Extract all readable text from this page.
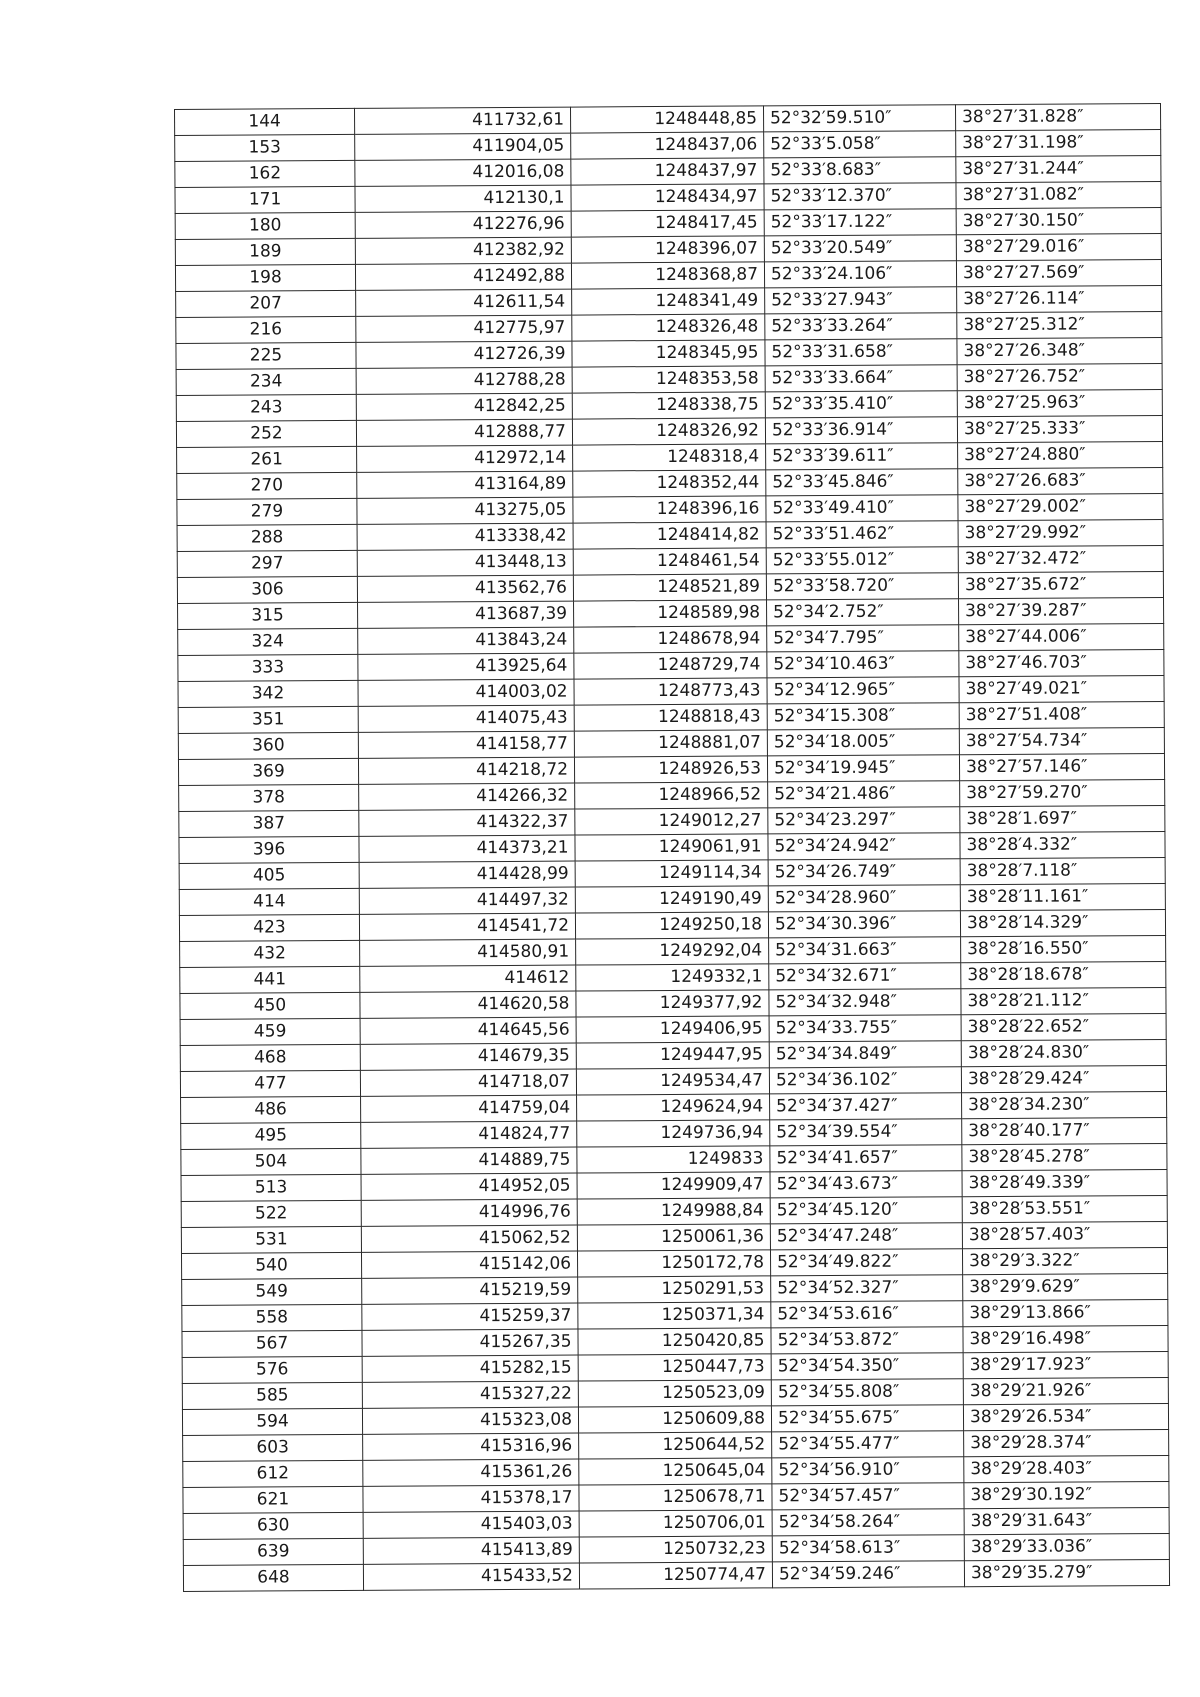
144	411732,61	1248448,85	52°32′59.510″	38°27′31.828″
153	411904,05	1248437,06	52°33′5.058″	38°27′31.198″
162	412016,08	1248437,97	52°33′8.683″	38°27′31.244″
171	412130,1	1248434,97	52°33′12.370″	38°27′31.082″
180	412276,96	1248417,45	52°33′17.122″	38°27′30.150″
189	412382,92	1248396,07	52°33′20.549″	38°27′29.016″
198	412492,88	1248368,87	52°33′24.106″	38°27′27.569″
207	412611,54	1248341,49	52°33′27.943″	38°27′26.114″
216	412775,97	1248326,48	52°33′33.264″	38°27′25.312″
225	412726,39	1248345,95	52°33′31.658″	38°27′26.348″
234	412788,28	1248353,58	52°33′33.664″	38°27′26.752″
243	412842,25	1248338,75	52°33′35.410″	38°27′25.963″
252	412888,77	1248326,92	52°33′36.914″	38°27′25.333″
261	412972,14	1248318,4	52°33′39.611″	38°27′24.880″
270	413164,89	1248352,44	52°33′45.846″	38°27′26.683″
279	413275,05	1248396,16	52°33′49.410″	38°27′29.002″
288	413338,42	1248414,82	52°33′51.462″	38°27′29.992″
297	413448,13	1248461,54	52°33′55.012″	38°27′32.472″
306	413562,76	1248521,89	52°33′58.720″	38°27′35.672″
315	413687,39	1248589,98	52°34′2.752″	38°27′39.287″
324	413843,24	1248678,94	52°34′7.795″	38°27′44.006″
333	413925,64	1248729,74	52°34′10.463″	38°27′46.703″
342	414003,02	1248773,43	52°34′12.965″	38°27′49.021″
351	414075,43	1248818,43	52°34′15.308″	38°27′51.408″
360	414158,77	1248881,07	52°34′18.005″	38°27′54.734″
369	414218,72	1248926,53	52°34′19.945″	38°27′57.146″
378	414266,32	1248966,52	52°34′21.486″	38°27′59.270″
387	414322,37	1249012,27	52°34′23.297″	38°28′1.697″
396	414373,21	1249061,91	52°34′24.942″	38°28′4.332″
405	414428,99	1249114,34	52°34′26.749″	38°28′7.118″
414	414497,32	1249190,49	52°34′28.960″	38°28′11.161″
423	414541,72	1249250,18	52°34′30.396″	38°28′14.329″
432	414580,91	1249292,04	52°34′31.663″	38°28′16.550″
441	414612	1249332,1	52°34′32.671″	38°28′18.678″
450	414620,58	1249377,92	52°34′32.948″	38°28′21.112″
459	414645,56	1249406,95	52°34′33.755″	38°28′22.652″
468	414679,35	1249447,95	52°34′34.849″	38°28′24.830″
477	414718,07	1249534,47	52°34′36.102″	38°28′29.424″
486	414759,04	1249624,94	52°34′37.427″	38°28′34.230″
495	414824,77	1249736,94	52°34′39.554″	38°28′40.177″
504	414889,75	1249833	52°34′41.657″	38°28′45.278″
513	414952,05	1249909,47	52°34′43.673″	38°28′49.339″
522	414996,76	1249988,84	52°34′45.120″	38°28′53.551″
531	415062,52	1250061,36	52°34′47.248″	38°28′57.403″
540	415142,06	1250172,78	52°34′49.822″	38°29′3.322″
549	415219,59	1250291,53	52°34′52.327″	38°29′9.629″
558	415259,37	1250371,34	52°34′53.616″	38°29′13.866″
567	415267,35	1250420,85	52°34′53.872″	38°29′16.498″
576	415282,15	1250447,73	52°34′54.350″	38°29′17.923″
585	415327,22	1250523,09	52°34′55.808″	38°29′21.926″
594	415323,08	1250609,88	52°34′55.675″	38°29′26.534″
603	415316,96	1250644,52	52°34′55.477″	38°29′28.374″
612	415361,26	1250645,04	52°34′56.910″	38°29′28.403″
621	415378,17	1250678,71	52°34′57.457″	38°29′30.192″
630	415403,03	1250706,01	52°34′58.264″	38°29′31.643″
639	415413,89	1250732,23	52°34′58.613″	38°29′33.036″
648	415433,52	1250774,47	52°34′59.246″	38°29′35.279″
